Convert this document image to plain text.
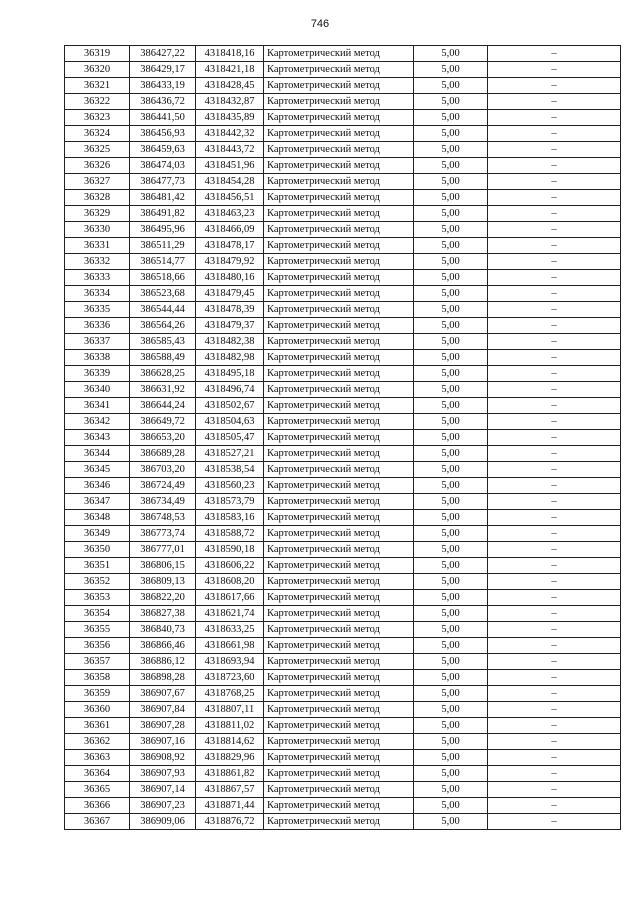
746
36319	386427,22	4318418,16	Картометрический метод	5,00	–
36320	386429,17	4318421,18	Картометрический метод	5,00	–
36321	386433,19	4318428,45	Картометрический метод	5,00	–
36322	386436,72	4318432,87	Картометрический метод	5,00	–
36323	386441,50	4318435,89	Картометрический метод	5,00	–
36324	386456,93	4318442,32	Картометрический метод	5,00	–
36325	386459,63	4318443,72	Картометрический метод	5,00	–
36326	386474,03	4318451,96	Картометрический метод	5,00	–
36327	386477,73	4318454,28	Картометрический метод	5,00	–
36328	386481,42	4318456,51	Картометрический метод	5,00	–
36329	386491,82	4318463,23	Картометрический метод	5,00	–
36330	386495,96	4318466,09	Картометрический метод	5,00	–
36331	386511,29	4318478,17	Картометрический метод	5,00	–
36332	386514,77	4318479,92	Картометрический метод	5,00	–
36333	386518,66	4318480,16	Картометрический метод	5,00	–
36334	386523,68	4318479,45	Картометрический метод	5,00	–
36335	386544,44	4318478,39	Картометрический метод	5,00	–
36336	386564,26	4318479,37	Картометрический метод	5,00	–
36337	386585,43	4318482,38	Картометрический метод	5,00	–
36338	386588,49	4318482,98	Картометрический метод	5,00	–
36339	386628,25	4318495,18	Картометрический метод	5,00	–
36340	386631,92	4318496,74	Картометрический метод	5,00	–
36341	386644,24	4318502,67	Картометрический метод	5,00	–
36342	386649,72	4318504,63	Картометрический метод	5,00	–
36343	386653,20	4318505,47	Картометрический метод	5,00	–
36344	386689,28	4318527,21	Картометрический метод	5,00	–
36345	386703,20	4318538,54	Картометрический метод	5,00	–
36346	386724,49	4318560,23	Картометрический метод	5,00	–
36347	386734,49	4318573,79	Картометрический метод	5,00	–
36348	386748,53	4318583,16	Картометрический метод	5,00	–
36349	386773,74	4318588,72	Картометрический метод	5,00	–
36350	386777,01	4318590,18	Картометрический метод	5,00	–
36351	386806,15	4318606,22	Картометрический метод	5,00	–
36352	386809,13	4318608,20	Картометрический метод	5,00	–
36353	386822,20	4318617,66	Картометрический метод	5,00	–
36354	386827,38	4318621,74	Картометрический метод	5,00	–
36355	386840,73	4318633,25	Картометрический метод	5,00	–
36356	386866,46	4318661,98	Картометрический метод	5,00	–
36357	386886,12	4318693,94	Картометрический метод	5,00	–
36358	386898,28	4318723,60	Картометрический метод	5,00	–
36359	386907,67	4318768,25	Картометрический метод	5,00	–
36360	386907,84	4318807,11	Картометрический метод	5,00	–
36361	386907,28	4318811,02	Картометрический метод	5,00	–
36362	386907,16	4318814,62	Картометрический метод	5,00	–
36363	386908,92	4318829,96	Картометрический метод	5,00	–
36364	386907,93	4318861,82	Картометрический метод	5,00	–
36365	386907,14	4318867,57	Картометрический метод	5,00	–
36366	386907,23	4318871,44	Картометрический метод	5,00	–
36367	386909,06	4318876,72	Картометрический метод	5,00	–
